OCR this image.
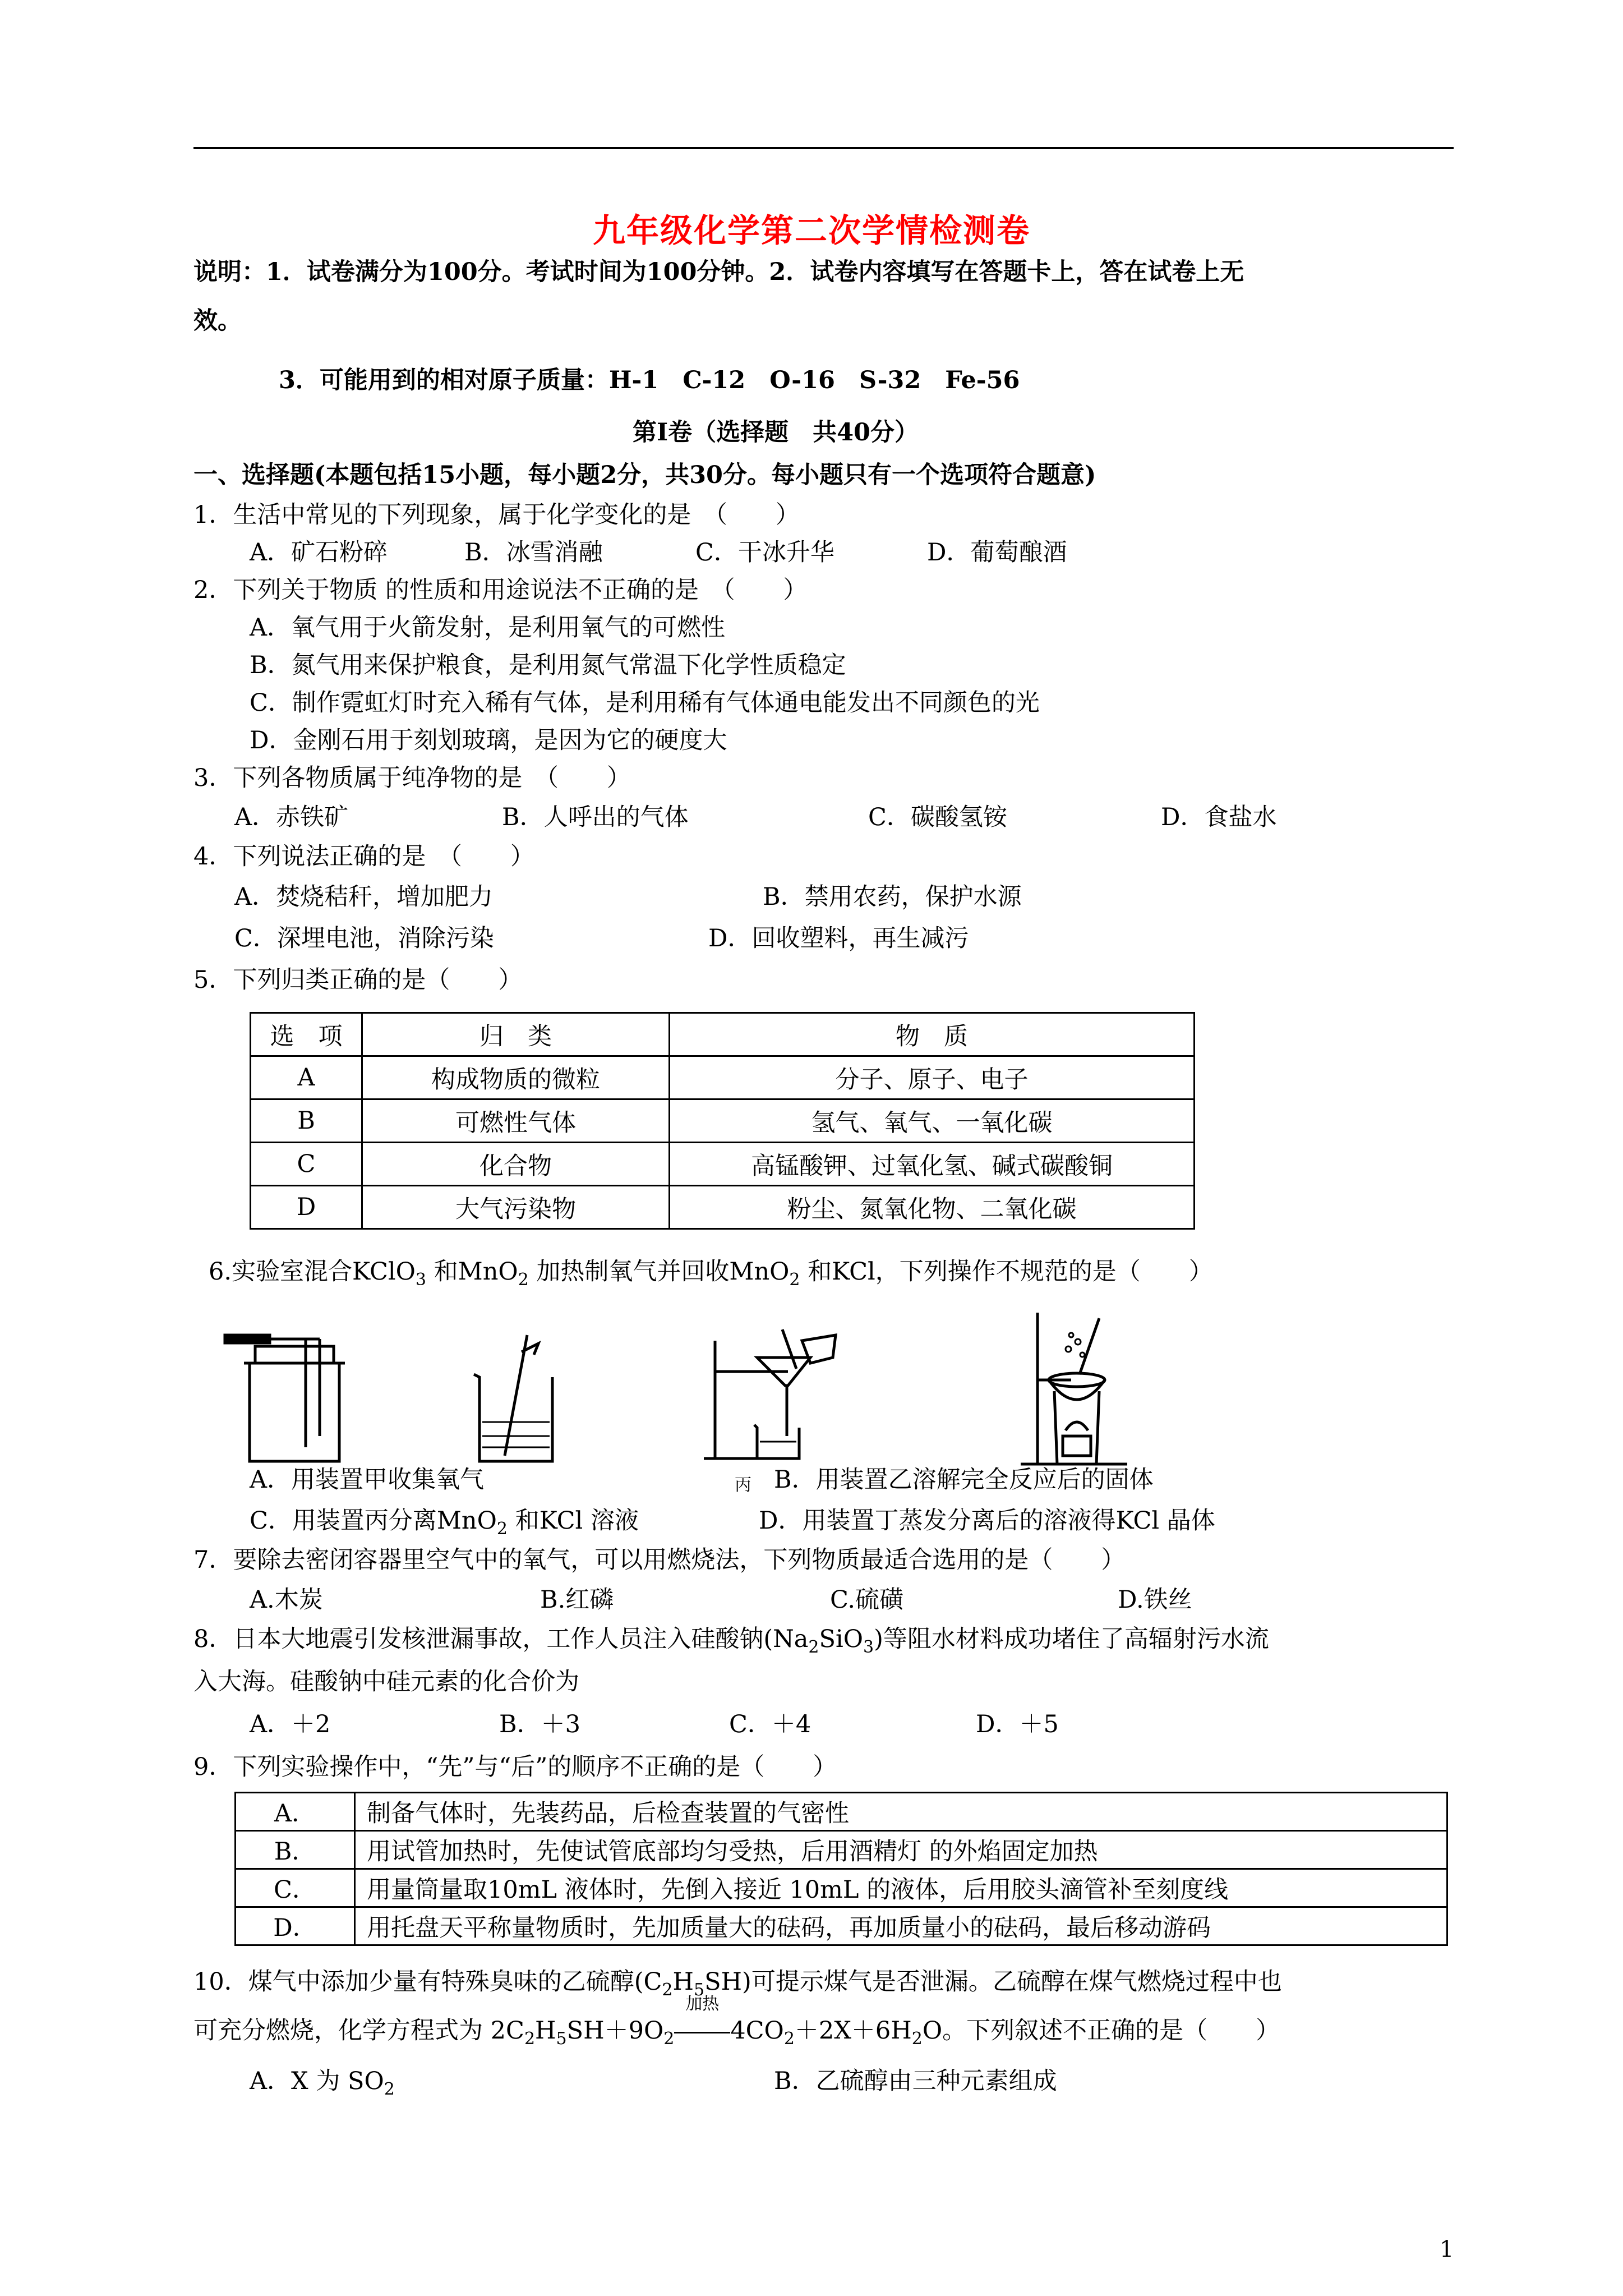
九年级化学第二次学情检测卷
说明：1．试卷满分为100分。考试时间为100分钟。2．试卷内容填写在答题卡上，答在试卷上无
效。
3．可能用到的相对原子质量：H-1　C-12　O-16　S-32　Fe-56
第Ⅰ卷（选择题　共40分）
一、选择题(本题包括15小题，每小题2分，共30分。每小题只有一个选项符合题意)
1．生活中常见的下列现象，属于化学变化的是　（　　）
A．矿石粉碎	B．冰雪消融	C．干冰升华	D．葡萄酿酒
2．下列关于物质 的性质和用途说法不正确的是　（　　）
A．氧气用于火箭发射，是利用氧气的可燃性
B．氮气用来保护粮食，是利用氮气常温下化学性质稳定
C．制作霓虹灯时充入稀有气体，是利用稀有气体通电能发出不同颜色的光
D．金刚石用于刻划玻璃，是因为它的硬度大
3．下列各物质属于纯净物的是　（　　）
A．赤铁矿	B．人呼出的气体	C．碳酸氢铵	D．食盐水
4．下列说法正确的是　（　　）
A．焚烧秸秆，增加肥力	B．禁用农药，保护水源
C．深埋电池，消除污染	D．回收塑料，再生减污
5．下列归类正确的是（　　）
选　项	归　类	物　质
A	构成物质的微粒	分子、原子、电子
B	可燃性气体	氢气、氧气、一氧化碳
C	化合物	高锰酸钾、过氧化氢、碱式碳酸铜
D	大气污染物	粉尘、氮氧化物、二氧化碳
6.实验室混合KClO$_3$ 和MnO$_2$ 加热制氧气并回收MnO$_2$ 和KCl，下列操作不规范的是（　　）
A．用装置甲收集氧气	丙 B．用装置乙溶解完全反应后的固体
C．用装置丙分离MnO$_2$ 和KCl 溶液	D．用装置丁蒸发分离后的溶液得KCl 晶体
7．要除去密闭容器里空气中的氧气，可以用燃烧法，下列物质最适合选用的是（　　）
A.木炭	B.红磷	C.硫磺	D.铁丝
8．日本大地震引发核泄漏事故，工作人员注入硅酸钠$(Na_2SiO_3)$等阻水材料成功堵住了高辐射污水流
入大海。硅酸钠中硅元素的化合价为
A．＋2	B．＋3	C．＋4	D．＋5
9．下列实验操作中，“先”与“后”的顺序不正确的是（　　）
A．	制备气体时，先装药品，后检查装置的气密性
B．	用试管加热时，先使试管底部均匀受热，后用酒精灯 的外焰固定加热
C．	用量筒量取10mL 液体时，先倒入接近 10mL 的液体，后用胶头滴管补至刻度线
D．	用托盘天平称量物质时，先加质量大的砝码，再加质量小的砝码，最后移动游码
10．煤气中添加少量有特殊臭味的乙硫醇$(C_2H_5SH)$可提示煤气是否泄漏。乙硫醇在煤气燃烧过程中也
可充分燃烧，化学方程式为 $2C_2H_5SH+9O_2$
加热
$4CO_2+2X+6H_2O$。下列叙述不正确的是（　　）
A．X 为 $SO_2$	B．乙硫醇由三种元素组成
1
